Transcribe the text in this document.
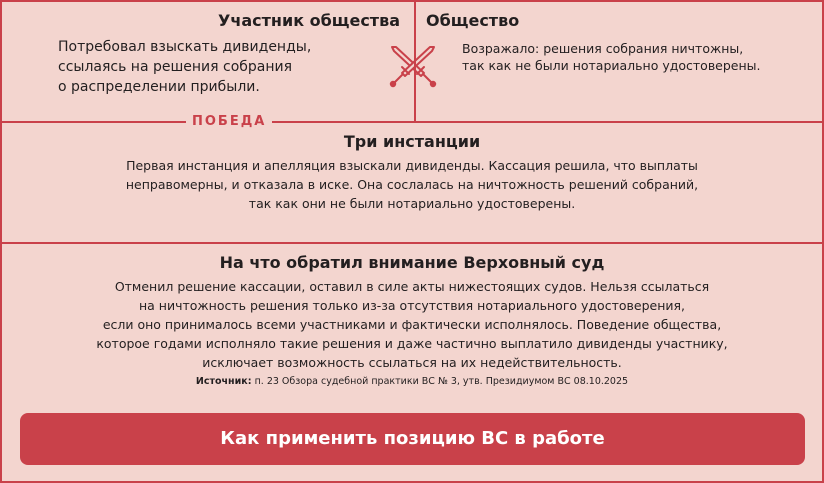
Участник общества
Потребовал взыскать дивиденды,
ссылаясь на решения собрания
о распределении прибыли.
Общество
Возражало: решения собрания ничтожны,
так как не были нотариально удостоверены.
ПОБЕДА
Три инстанции
Первая инстанция и апелляция взыскали дивиденды. Кассация решила, что выплаты
неправомерны, и отказала в иске. Она сослалась на ничтожность решений собраний,
так как они не были нотариально удостоверены.
На что обратил внимание Верховный суд
Отменил решение кассации, оставил в силе акты нижестоящих судов. Нельзя ссылаться
на ничтожность решения только из-за отсутствия нотариального удостоверения,
если оно принималось всеми участниками и фактически исполнялось. Поведение общества,
которое годами исполняло такие решения и даже частично выплатило дивиденды участнику,
исключает возможность ссылаться на их недействительность.
Источник: п. 23 Обзора судебной практики ВС № 3, утв. Президиумом ВС 08.10.2025
Как применить позицию ВС в работе
